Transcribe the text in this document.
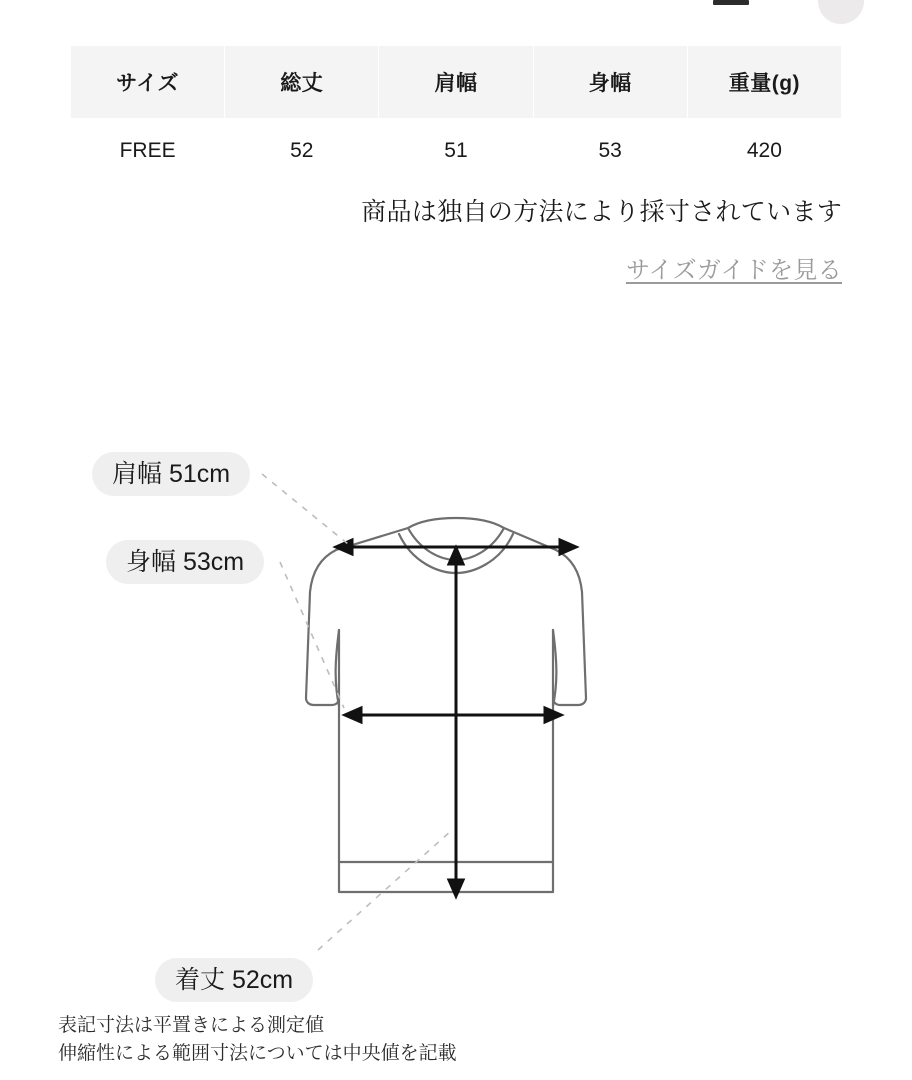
サイズ	総丈	肩幅	身幅	重量(g)
FREE	52	51	53	420
商品は独自の方法により採寸されています
サイズガイドを見る
肩幅 51cm
身幅 53cm
着丈 52cm
表記寸法は平置きによる測定値
伸縮性による範囲寸法については中央値を記載
